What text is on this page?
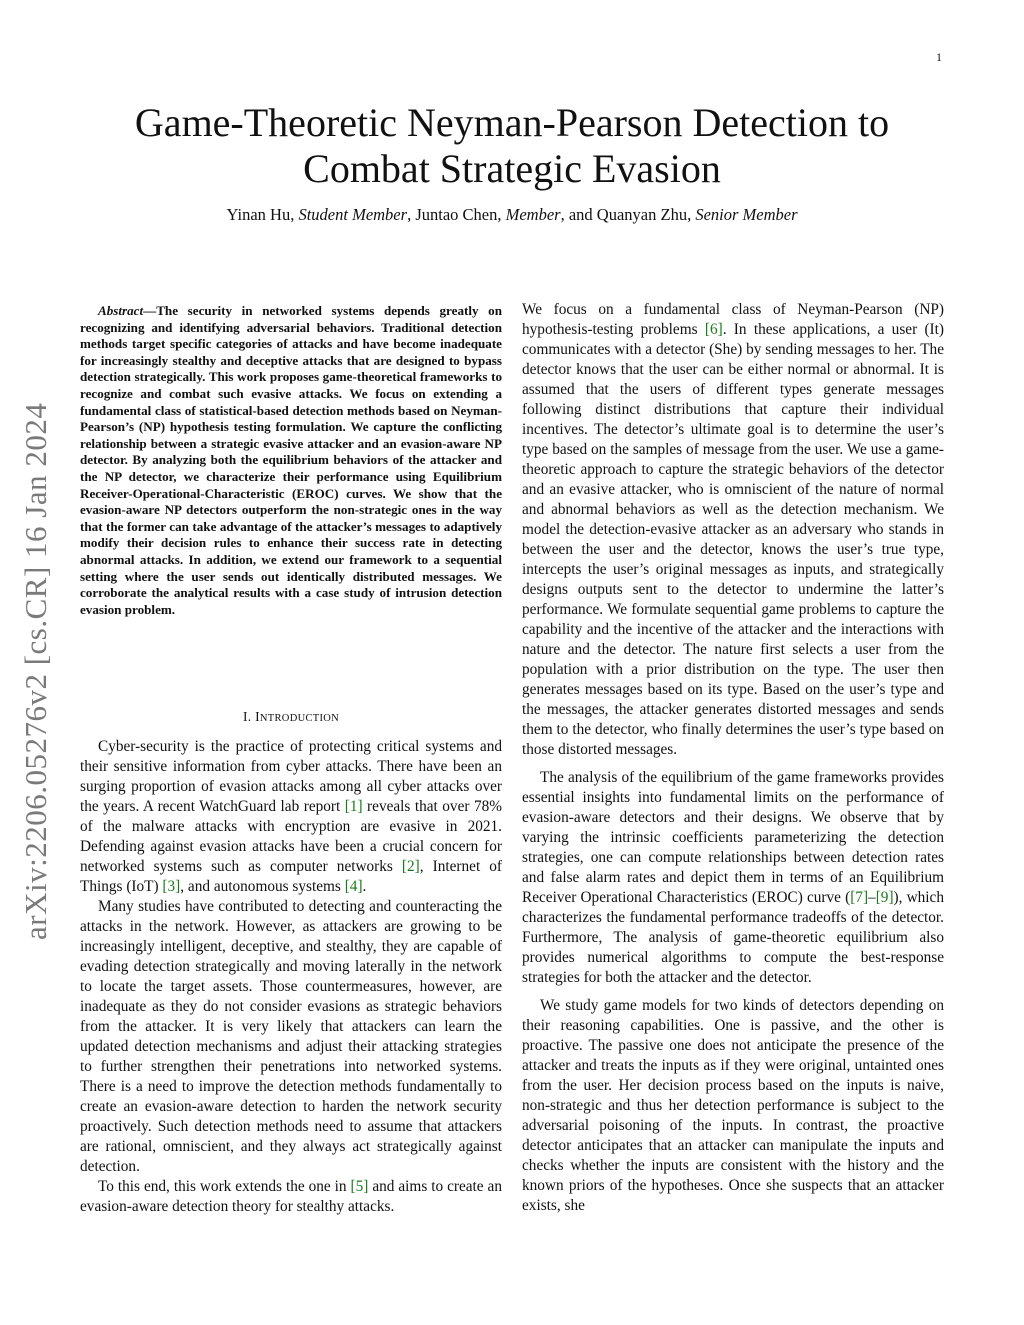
1
arXiv:2206.05276v2 [cs.CR] 16 Jan 2024
Game-Theoretic Neyman-Pearson Detection to
Combat Strategic Evasion
Yinan Hu, Student Member, Juntao Chen, Member, and Quanyan Zhu, Senior Member

Abstract—The security in networked systems depends greatly on recognizing and identifying adversarial behaviors. Traditional detection methods target specific categories of attacks and have become inadequate for increasingly stealthy and deceptive attacks that are designed to bypass detection strategically. This work proposes game-theoretical frameworks to recognize and combat such evasive attacks. We focus on extending a fundamental class of statistical-based detection methods based on Neyman-Pearson’s (NP) hypothesis testing formulation. We capture the conflicting relationship between a strategic evasive attacker and an evasion-aware NP detector. By analyzing both the equilibrium behaviors of the attacker and the NP detector, we characterize their performance using Equilibrium Receiver-Operational-Characteristic (EROC) curves. We show that the evasion-aware NP detectors outperform the non-strategic ones in the way that the former can take advantage of the attacker’s messages to adaptively modify their decision rules to enhance their success rate in detecting abnormal attacks. In addition, we extend our framework to a sequential setting where the user sends out identically distributed messages. We corroborate the analytical results with a case study of intrusion detection evasion problem.

I. INTRODUCTION

Cyber-security is the practice of protecting critical systems and their sensitive information from cyber attacks. There have been an surging proportion of evasion attacks among all cyber attacks over the years. A recent WatchGuard lab report [1] reveals that over 78% of the malware attacks with encryption are evasive in 2021. Defending against evasion attacks have been a crucial concern for networked systems such as computer networks [2], Internet of Things (IoT) [3], and autonomous systems [4].

Many studies have contributed to detecting and counteracting the attacks in the network. However, as attackers are growing to be increasingly intelligent, deceptive, and stealthy, they are capable of evading detection strategically and moving laterally in the network to locate the target assets. Those countermeasures, however, are inadequate as they do not consider evasions as strategic behaviors from the attacker. It is very likely that attackers can learn the updated detection mechanisms and adjust their attacking strategies to further strengthen their penetrations into networked systems. There is a need to improve the detection methods fundamentally to create an evasion-aware detection to harden the network security proactively. Such detection methods need to assume that attackers are rational, omniscient, and they always act strategically against detection.

To this end, this work extends the one in [5] and aims to create an evasion-aware detection theory for stealthy attacks.

We focus on a fundamental class of Neyman-Pearson (NP) hypothesis-testing problems [6]. In these applications, a user (It) communicates with a detector (She) by sending messages to her. The detector knows that the user can be either normal or abnormal. It is assumed that the users of different types generate messages following distinct distributions that capture their individual incentives. The detector’s ultimate goal is to determine the user’s type based on the samples of message from the user. We use a game-theoretic approach to capture the strategic behaviors of the detector and an evasive attacker, who is omniscient of the nature of normal and abnormal behaviors as well as the detection mechanism. We model the detection-evasive attacker as an adversary who stands in between the user and the detector, knows the user’s true type, intercepts the user’s original messages as inputs, and strategically designs outputs sent to the detector to undermine the latter’s performance. We formulate sequential game problems to capture the capability and the incentive of the attacker and the interactions with nature and the detector. The nature first selects a user from the population with a prior distribution on the type. The user then generates messages based on its type. Based on the user’s type and the messages, the attacker generates distorted messages and sends them to the detector, who finally determines the user’s type based on those distorted messages.

The analysis of the equilibrium of the game frameworks provides essential insights into fundamental limits on the performance of evasion-aware detectors and their designs. We observe that by varying the intrinsic coefficients parameterizing the detection strategies, one can compute relationships between detection rates and false alarm rates and depict them in terms of an Equilibrium Receiver Operational Characteristics (EROC) curve ([7]–[9]), which characterizes the fundamental performance tradeoffs of the detector. Furthermore, The analysis of game-theoretic equilibrium also provides numerical algorithms to compute the best-response strategies for both the attacker and the detector.

We study game models for two kinds of detectors depending on their reasoning capabilities. One is passive, and the other is proactive. The passive one does not anticipate the presence of the attacker and treats the inputs as if they were original, untainted ones from the user. Her decision process based on the inputs is naive, non-strategic and thus her detection performance is subject to the adversarial poisoning of the inputs. In contrast, the proactive detector anticipates that an attacker can manipulate the inputs and checks whether the inputs are consistent with the history and the known priors of the hypotheses. Once she suspects that an attacker exists, she
